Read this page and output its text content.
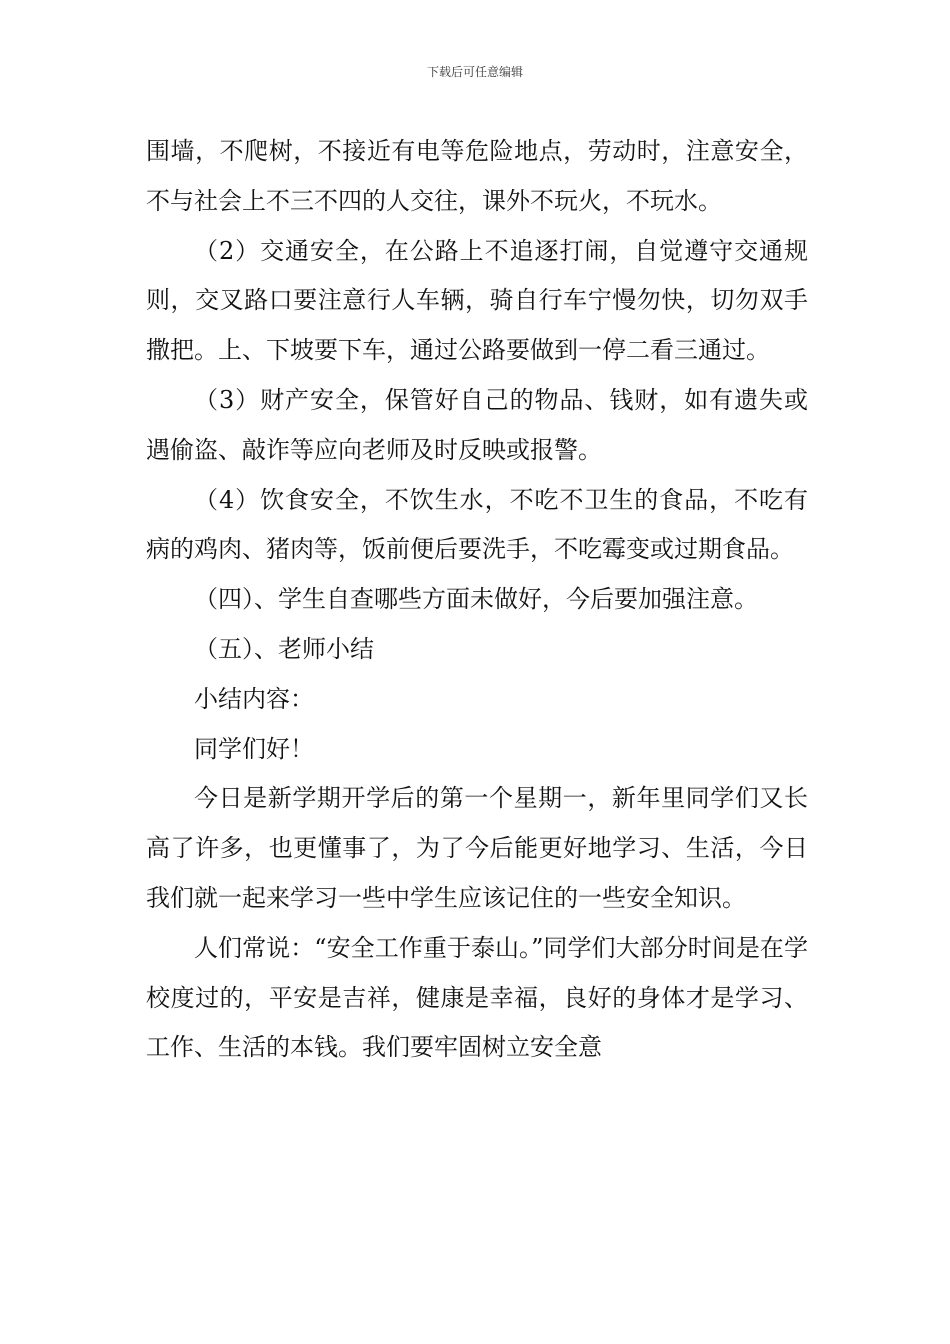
下载后可任意编辑

围墙，不爬树，不接近有电等危险地点，劳动时，注意安全，不与社会上不三不四的人交往，课外不玩火，不玩水。

（2）交通安全，在公路上不追逐打闹，自觉遵守交通规则，交叉路口要注意行人车辆，骑自行车宁慢勿快，切勿双手撒把。上、下坡要下车，通过公路要做到一停二看三通过。

（3）财产安全，保管好自己的物品、钱财，如有遗失或遇偷盗、敲诈等应向老师及时反映或报警。

（4）饮食安全，不饮生水，不吃不卫生的食品，不吃有病的鸡肉、猪肉等，饭前便后要洗手，不吃霉变或过期食品。

（四）、学生自查哪些方面未做好，今后要加强注意。

（五）、老师小结

小结内容：

同学们好！

今日是新学期开学后的第一个星期一，新年里同学们又长高了许多，也更懂事了，为了今后能更好地学习、生活，今日我们就一起来学习一些中学生应该记住的一些安全知识。

人们常说：“安全工作重于泰山。”同学们大部分时间是在学校度过的，平安是吉祥，健康是幸福，良好的身体才是学习、工作、生活的本钱。我们要牢固树立安全意
